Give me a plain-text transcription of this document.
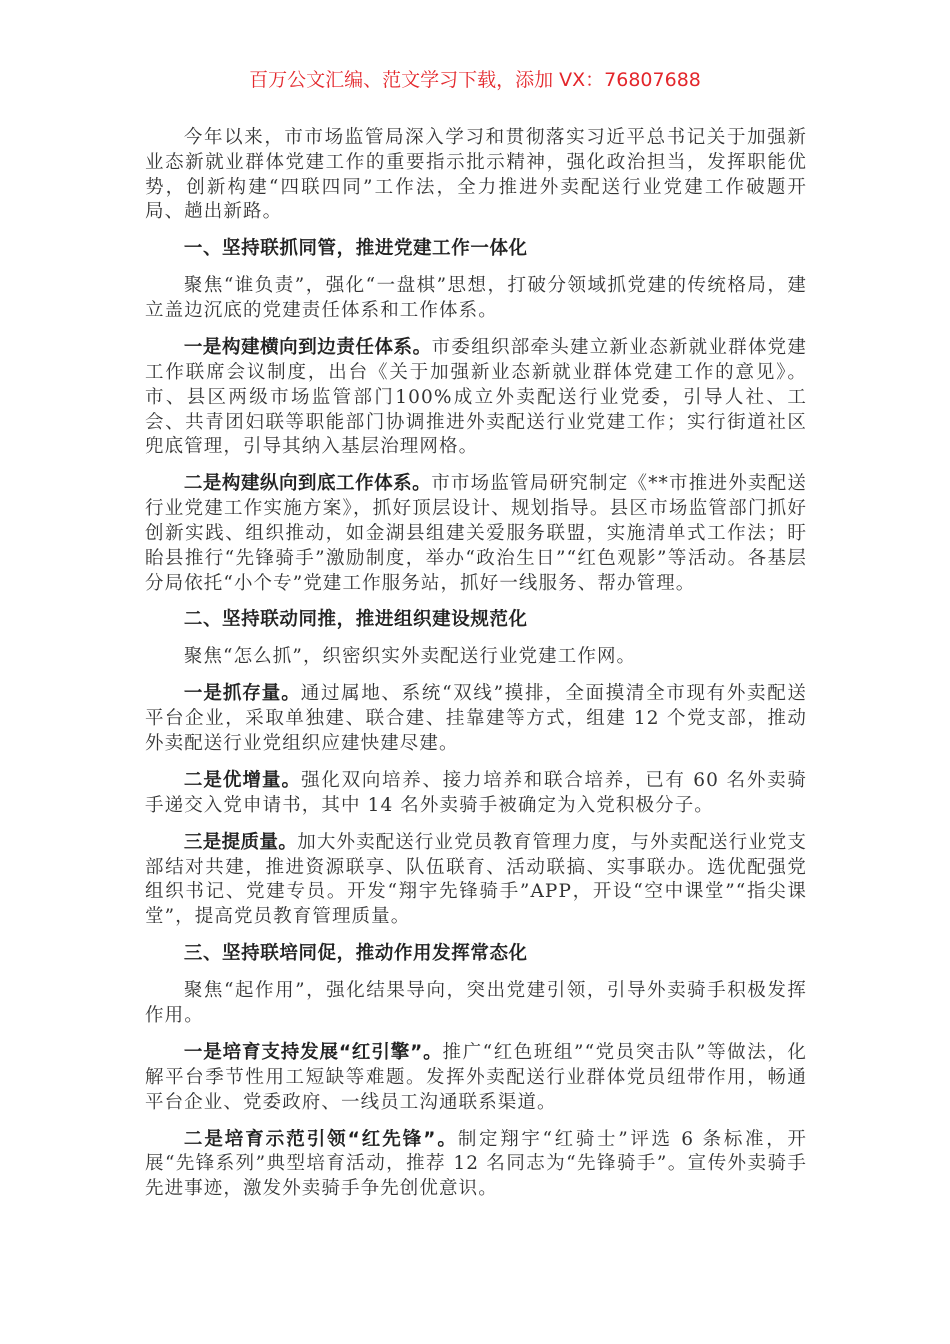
百万公文汇编、范文学习下载，添加 VX：76807688

今年以来，市市场监管局深入学习和贯彻落实习近平总书记关于加强新业态新就业群体党建工作的重要指示批示精神，强化政治担当，发挥职能优势，创新构建“四联四同”工作法，全力推进外卖配送行业党建工作破题开局、趟出新路。

一、坚持联抓同管，推进党建工作一体化

聚焦“谁负责”，强化“一盘棋”思想，打破分领域抓党建的传统格局，建立盖边沉底的党建责任体系和工作体系。

一是构建横向到边责任体系。市委组织部牵头建立新业态新就业群体党建工作联席会议制度，出台《关于加强新业态新就业群体党建工作的意见》。市、县区两级市场监管部门100%成立外卖配送行业党委，引导人社、工会、共青团妇联等职能部门协调推进外卖配送行业党建工作；实行街道社区兜底管理，引导其纳入基层治理网格。

二是构建纵向到底工作体系。市市场监管局研究制定《**市推进外卖配送行业党建工作实施方案》，抓好顶层设计、规划指导。县区市场监管部门抓好创新实践、组织推动，如金湖县组建关爱服务联盟，实施清单式工作法；盱眙县推行“先锋骑手”激励制度，举办“政治生日”“红色观影”等活动。各基层分局依托“小个专”党建工作服务站，抓好一线服务、帮办管理。

二、坚持联动同推，推进组织建设规范化

聚焦“怎么抓”，织密织实外卖配送行业党建工作网。

一是抓存量。通过属地、系统“双线”摸排，全面摸清全市现有外卖配送平台企业，采取单独建、联合建、挂靠建等方式，组建 12 个党支部，推动外卖配送行业党组织应建快建尽建。

二是优增量。强化双向培养、接力培养和联合培养，已有 60 名外卖骑手递交入党申请书，其中 14 名外卖骑手被确定为入党积极分子。

三是提质量。加大外卖配送行业党员教育管理力度，与外卖配送行业党支部结对共建，推进资源联享、队伍联育、活动联搞、实事联办。选优配强党组织书记、党建专员。开发“翔宇先锋骑手”APP，开设“空中课堂”“指尖课堂”，提高党员教育管理质量。

三、坚持联培同促，推动作用发挥常态化

聚焦“起作用”，强化结果导向，突出党建引领，引导外卖骑手积极发挥作用。

一是培育支持发展“红引擎”。推广“红色班组”“党员突击队”等做法，化解平台季节性用工短缺等难题。发挥外卖配送行业群体党员纽带作用，畅通平台企业、党委政府、一线员工沟通联系渠道。

二是培育示范引领“红先锋”。制定翔宇“红骑士”评选 6 条标准，开展“先锋系列”典型培育活动，推荐 12 名同志为“先锋骑手”。宣传外卖骑手先进事迹，激发外卖骑手争先创优意识。
